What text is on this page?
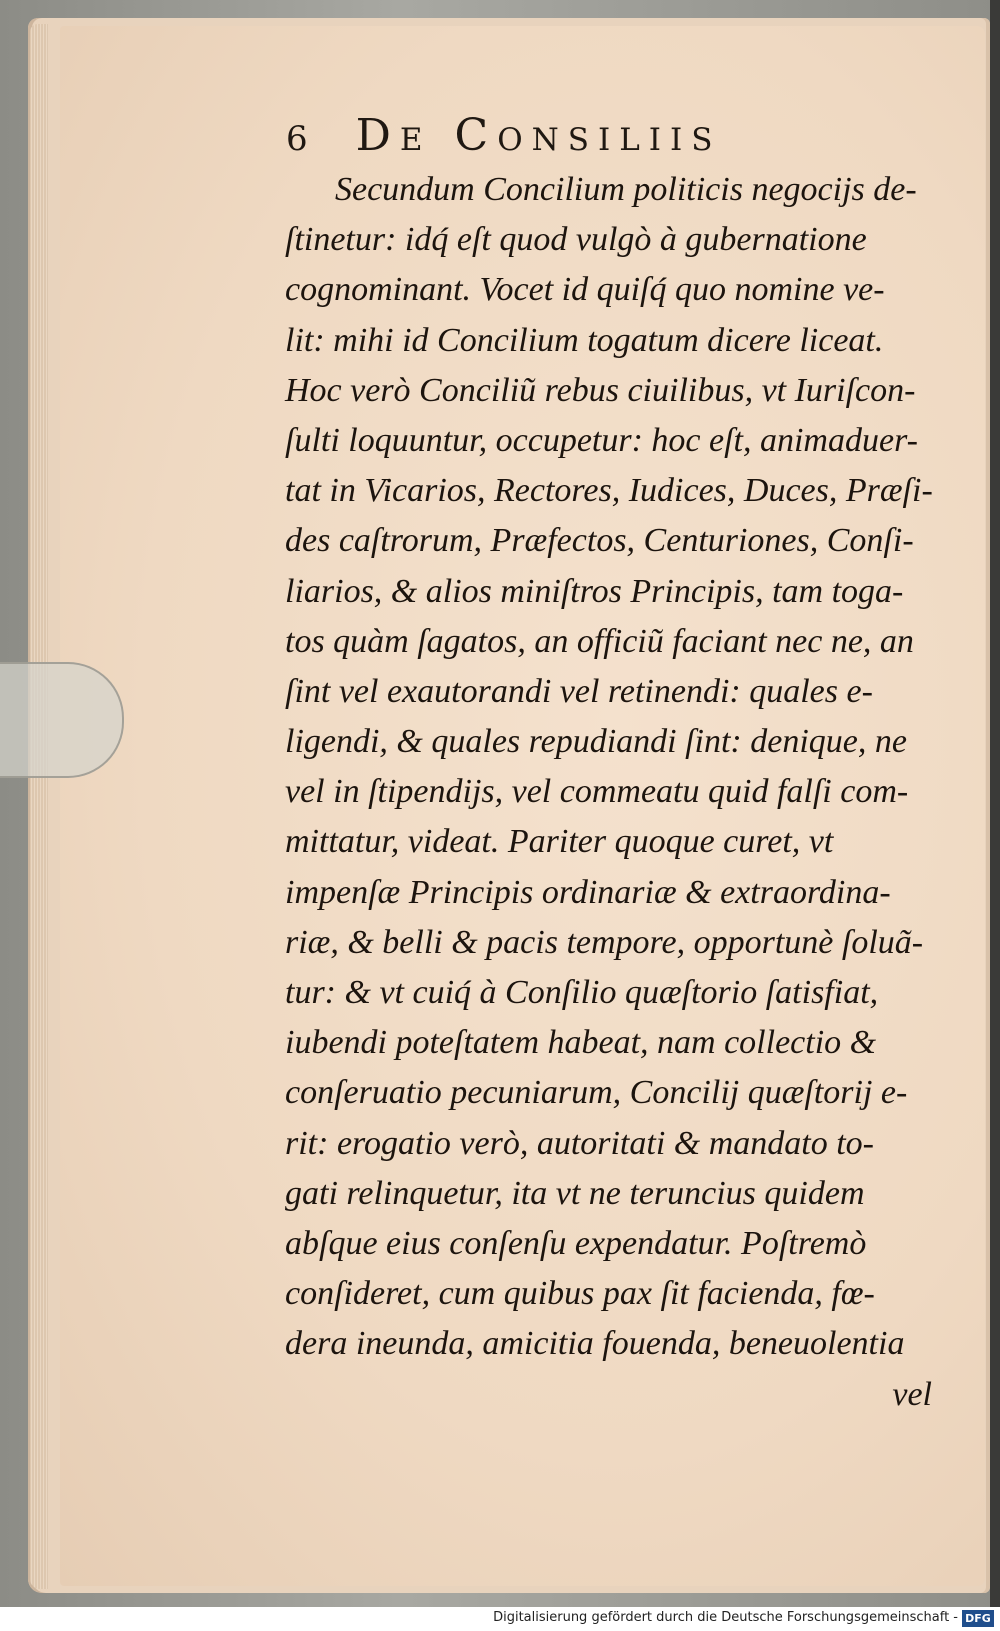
6 De Consiliis
Secundum Concilium politicis negocijs de-
ſtinetur: idq́ eſt quod vulgò à gubernatione
cognominant. Vocet id quiſq́ quo nomine ve-
lit: mihi id Concilium togatum dicere liceat.
Hoc verò Conciliũ rebus ciuilibus, vt Iuriſcon-
ſulti loquuntur, occupetur: hoc eſt, animaduer-
tat in Vicarios, Rectores, Iudices, Duces, Præſi-
des caſtrorum, Præfectos, Centuriones, Conſi-
liarios, & alios miniſtros Principis, tam toga-
tos quàm ſagatos, an officiũ faciant nec ne, an
ſint vel exautorandi vel retinendi: quales e-
ligendi, & quales repudiandi ſint: denique, ne
vel in ſtipendijs, vel commeatu quid falſi com-
mittatur, videat. Pariter quoque curet, vt
impenſæ Principis ordinariæ & extraordina-
riæ, & belli & pacis tempore, opportunè ſoluã-
tur: & vt cuiq́ à Conſilio quæſtorio ſatisfiat,
iubendi poteſtatem habeat, nam collectio &
conſeruatio pecuniarum, Concilij quæſtorij e-
rit: erogatio verò, autoritati & mandato to-
gati relinquetur, ita vt ne teruncius quidem
abſque eius conſenſu expendatur. Poſtremò
conſideret, cum quibus pax ſit facienda, fœ-
dera ineunda, amicitia fouenda, beneuolentia
vel
Digitalisierung gefördert durch die Deutsche Forschungsgemeinschaft - DFG
